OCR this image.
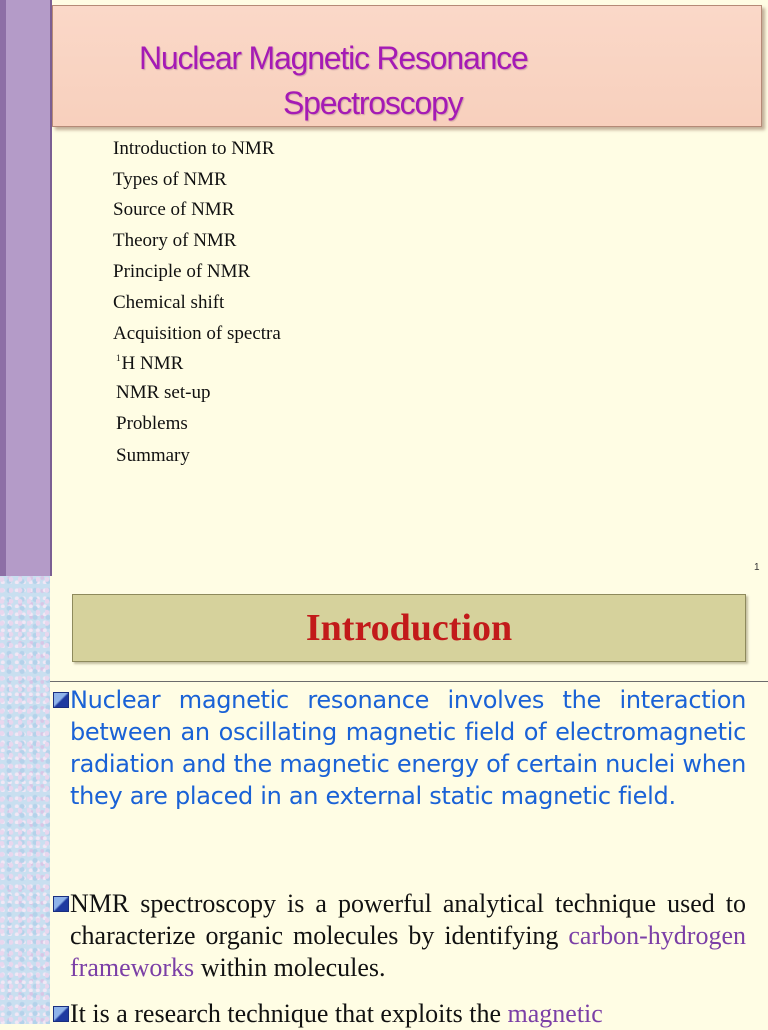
Nuclear Magnetic Resonance
Spectroscopy
Introduction to NMR
Types of NMR
Source of NMR
Theory of NMR
Principle of NMR
Chemical shift
Acquisition of spectra
$^1$H NMR
NMR set-up
Problems
Summary
1
Introduction
Nuclear magnetic resonance involves the interaction between an oscillating magnetic field of electromagnetic radiation and the magnetic energy of certain nuclei when they are placed in an external static magnetic field.
NMR spectroscopy is a powerful analytical technique used to characterize organic molecules by identifying carbon-hydrogen frameworks within molecules.
It is a research technique that exploits the magnetic
